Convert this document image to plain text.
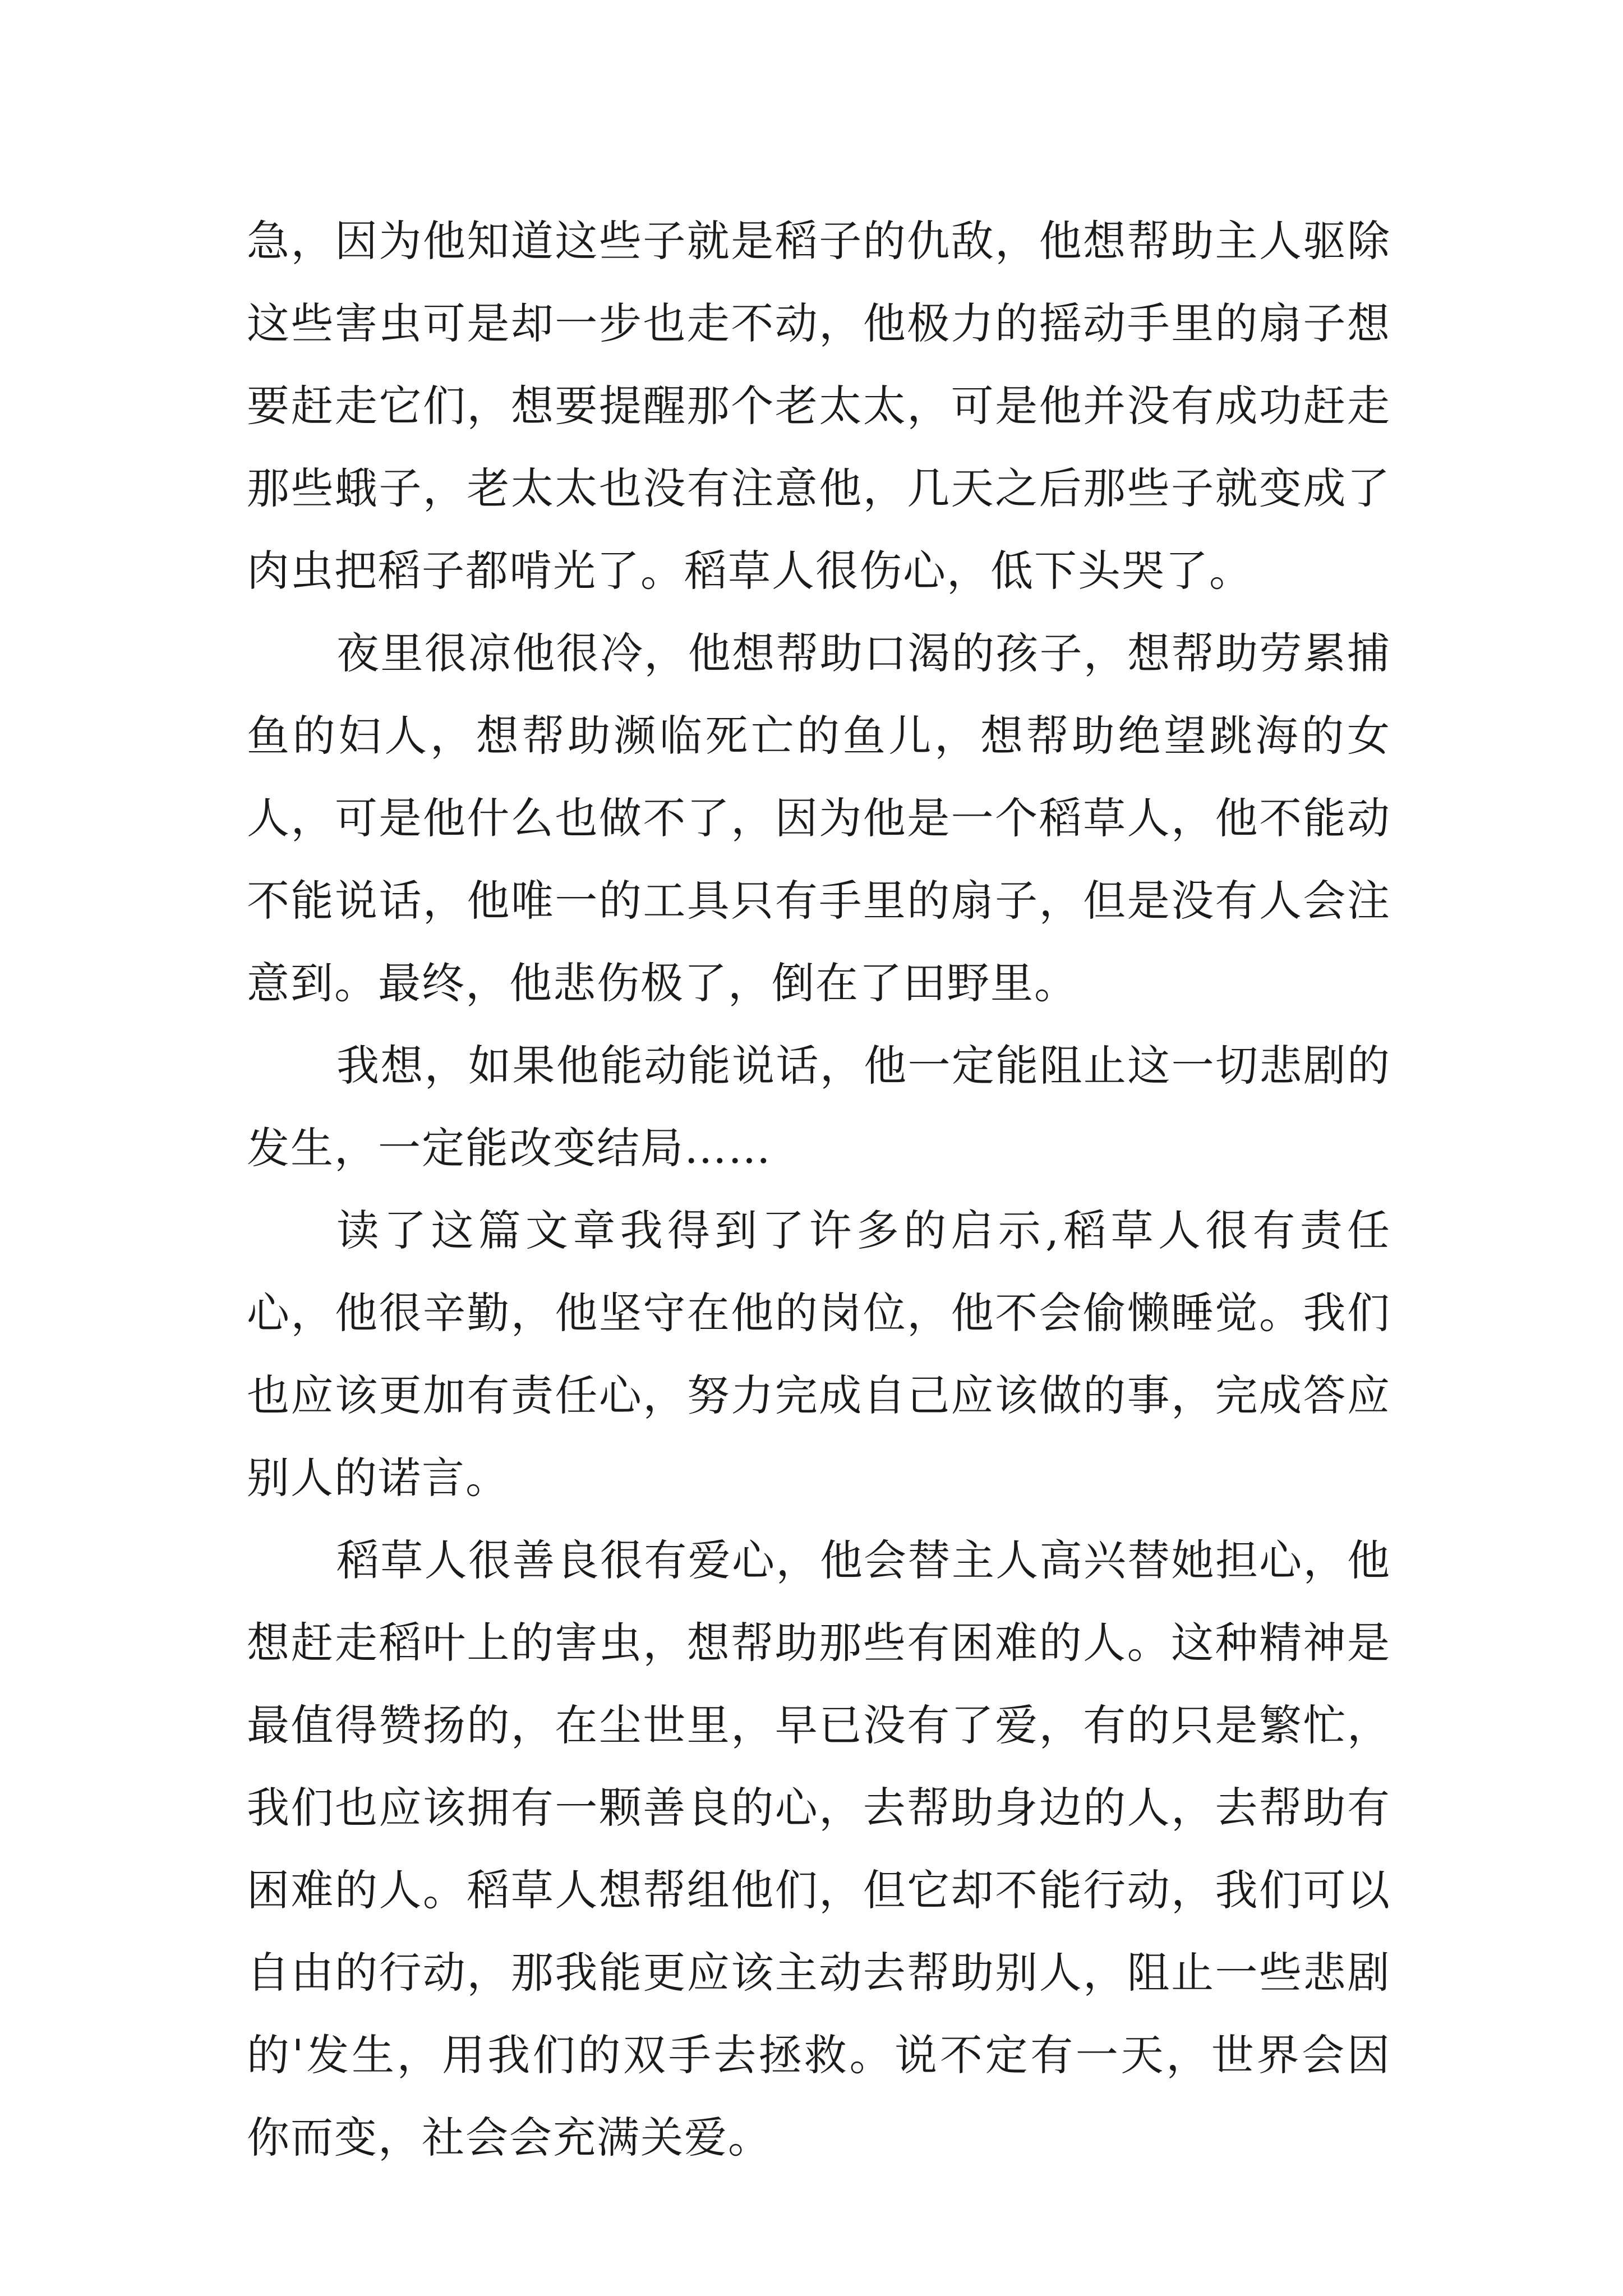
急，因为他知道这些子就是稻子的仇敌，他想帮助主人驱除这些害虫可是却一步也走不动，他极力的摇动手里的扇子想要赶走它们，想要提醒那个老太太，可是他并没有成功赶走那些蛾子，老太太也没有注意他，几天之后那些子就变成了肉虫把稻子都啃光了。稻草人很伤心，低下头哭了。

夜里很凉他很冷，他想帮助口渴的孩子，想帮助劳累捕鱼的妇人，想帮助濒临死亡的鱼儿，想帮助绝望跳海的女人，可是他什么也做不了，因为他是一个稻草人，他不能动不能说话，他唯一的工具只有手里的扇子，但是没有人会注意到。最终，他悲伤极了，倒在了田野里。

我想，如果他能动能说话，他一定能阻止这一切悲剧的发生，一定能改变结局……

读了这篇文章我得到了许多的启示,稻草人很有责任心，他很辛勤，他坚守在他的岗位，他不会偷懒睡觉。我们也应该更加有责任心，努力完成自己应该做的事，完成答应别人的诺言。

稻草人很善良很有爱心，他会替主人高兴替她担心，他想赶走稻叶上的害虫，想帮助那些有困难的人。这种精神是最值得赞扬的，在尘世里，早已没有了爱，有的只是繁忙，我们也应该拥有一颗善良的心，去帮助身边的人，去帮助有困难的人。稻草人想帮组他们，但它却不能行动，我们可以自由的行动，那我能更应该主动去帮助别人，阻止一些悲剧的'发生，用我们的双手去拯救。说不定有一天，世界会因你而变，社会会充满关爱。
